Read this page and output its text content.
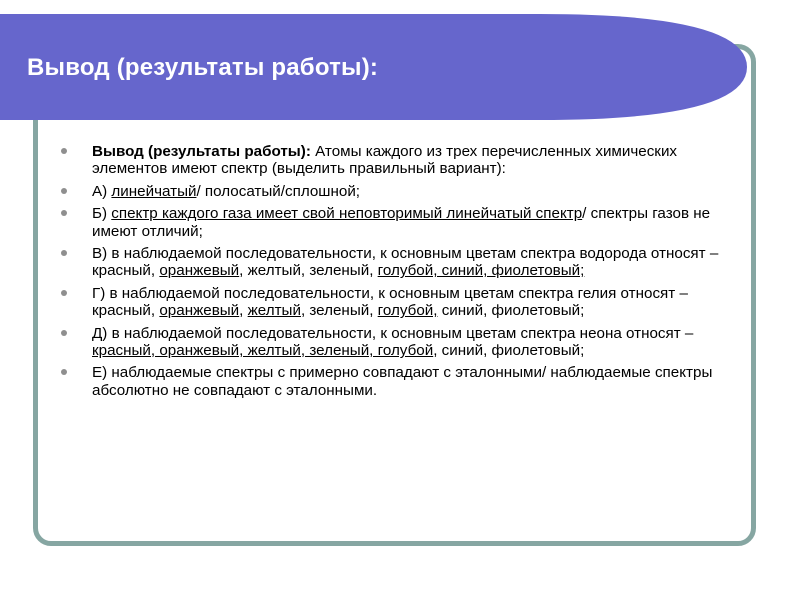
Вывод (результаты работы):
Вывод (результаты работы): Атомы каждого из трех перечисленных химических элементов имеют спектр (выделить правильный вариант):
А) линейчатый/ полосатый/сплошной;
Б) спектр каждого газа имеет свой неповторимый линейчатый спектр/ спектры газов не имеют отличий;
В) в наблюдаемой последовательности, к основным цветам спектра водорода относят – красный, оранжевый, желтый, зеленый, голубой, синий, фиолетовый;
Г) в наблюдаемой последовательности, к основным цветам спектра гелия относят – красный, оранжевый, желтый, зеленый, голубой, синий, фиолетовый;
Д) в наблюдаемой последовательности, к основным цветам спектра неона относят – красный, оранжевый, желтый, зеленый, голубой, синий, фиолетовый;
Е) наблюдаемые спектры с примерно совпадают с эталонными/ наблюдаемые спектры абсолютно не совпадают с эталонными.
